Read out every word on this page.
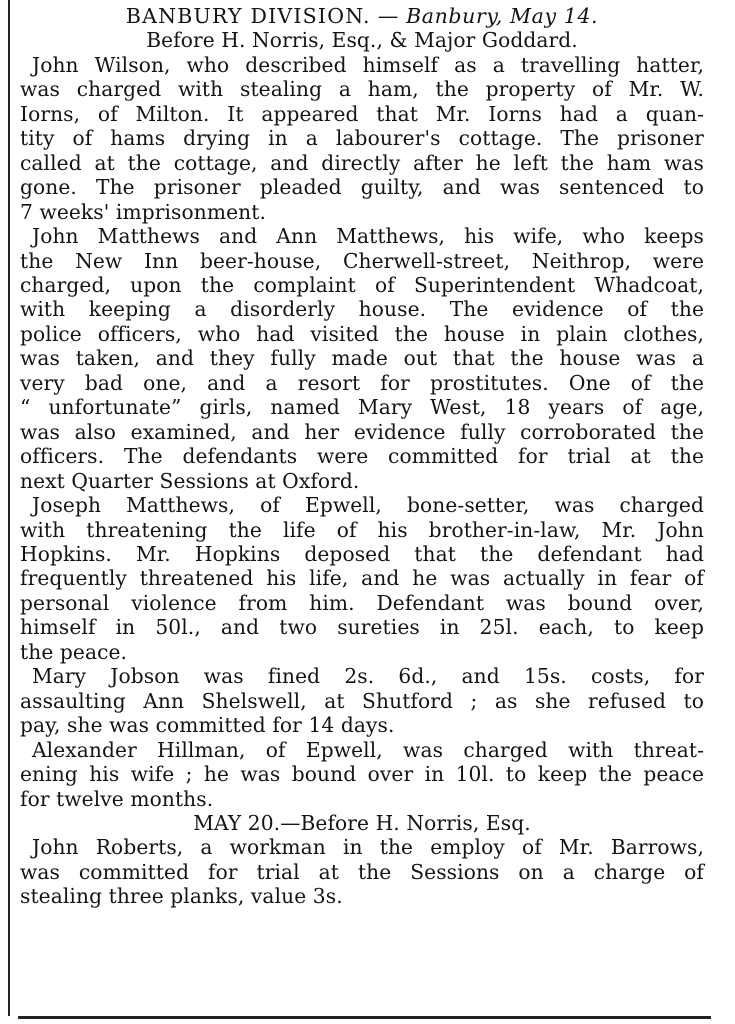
BANBURY DIVISION. — Banbury, May 14.

Before H. Norris, Esq., & Major Goddard.

John Wilson, who described himself as a travelling hatter,
was charged with stealing a ham, the property of Mr. W.
Iorns, of Milton. It appeared that Mr. Iorns had a quan-
tity of hams drying in a labourer's cottage. The prisoner
called at the cottage, and directly after he left the ham was
gone. The prisoner pleaded guilty, and was sentenced to
7 weeks' imprisonment.

John Matthews and Ann Matthews, his wife, who keeps
the New Inn beer-house, Cherwell-street, Neithrop, were
charged, upon the complaint of Superintendent Whadcoat,
with keeping a disorderly house. The evidence of the
police officers, who had visited the house in plain clothes,
was taken, and they fully made out that the house was a
very bad one, and a resort for prostitutes. One of the
“ unfortunate” girls, named Mary West, 18 years of age,
was also examined, and her evidence fully corroborated the
officers. The defendants were committed for trial at the
next Quarter Sessions at Oxford.

Joseph Matthews, of Epwell, bone-setter, was charged
with threatening the life of his brother-in-law, Mr. John
Hopkins. Mr. Hopkins deposed that the defendant had
frequently threatened his life, and he was actually in fear of
personal violence from him. Defendant was bound over,
himself in 50l., and two sureties in 25l. each, to keep
the peace.

Mary Jobson was fined 2s. 6d., and 15s. costs, for
assaulting Ann Shelswell, at Shutford ; as she refused to
pay, she was committed for 14 days.

Alexander Hillman, of Epwell, was charged with threat-
ening his wife ; he was bound over in 10l. to keep the peace
for twelve months.

MAY 20.—Before H. Norris, Esq.

John Roberts, a workman in the employ of Mr. Barrows,
was committed for trial at the Sessions on a charge of
stealing three planks, value 3s.
